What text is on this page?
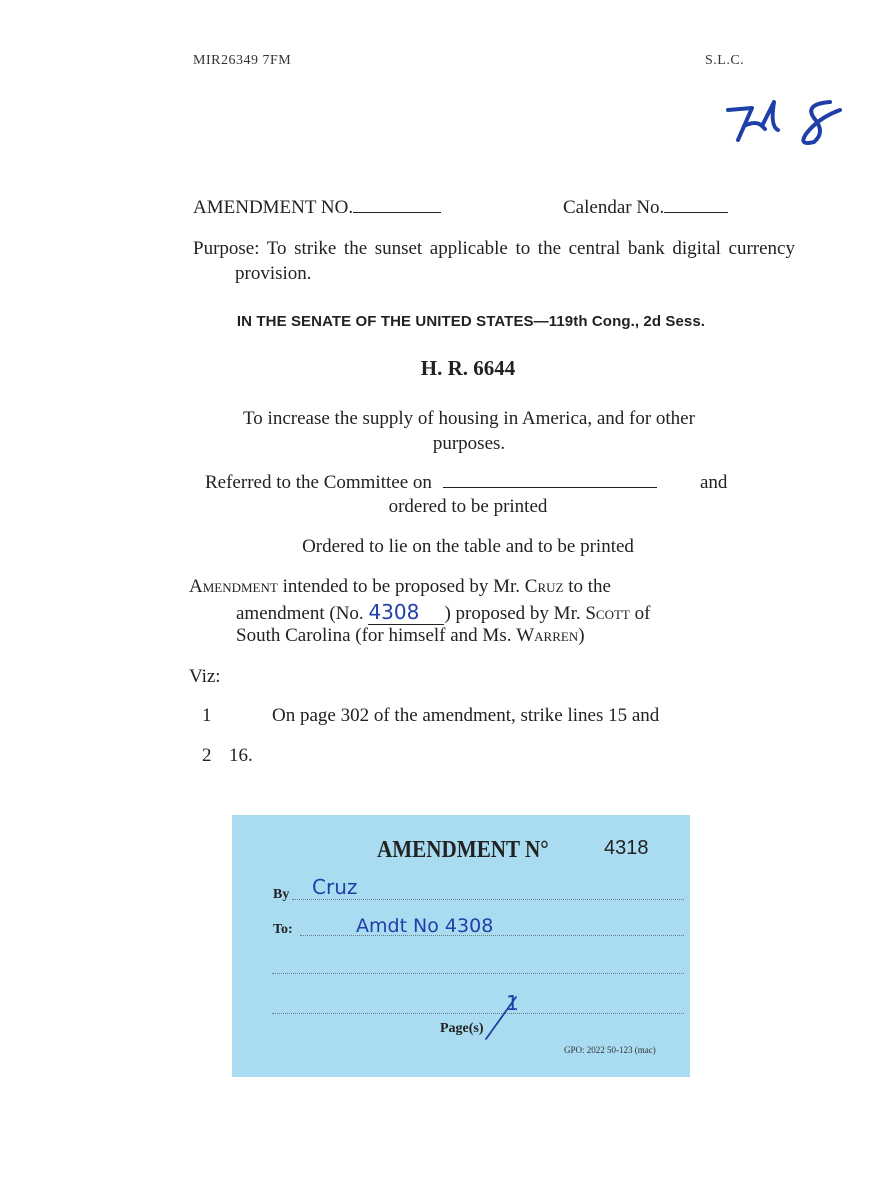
MIR26349 7FM	S.L.C.
AMENDMENT NO.	Calendar No.
Purpose: To strike the sunset applicable to the central bank digital currency provision.
IN THE SENATE OF THE UNITED STATES—119th Cong., 2d Sess.
H. R. 6644
To increase the supply of housing in America, and for other
purposes.
Referred to the Committee on	and
ordered to be printed
Ordered to lie on the table and to be printed
Amendment intended to be proposed by Mr. Cruz to the
amendment (No. 4308 ) proposed by Mr. Scott of
South Carolina (for himself and Ms. Warren)
Viz:
1	On page 302 of the amendment, strike lines 15 and
2 16.
AMENDMENT N°	4318
By Cruz
To:	Amdt No 4308
Page(s)
1
GPO: 2022 50-123 (mac)
